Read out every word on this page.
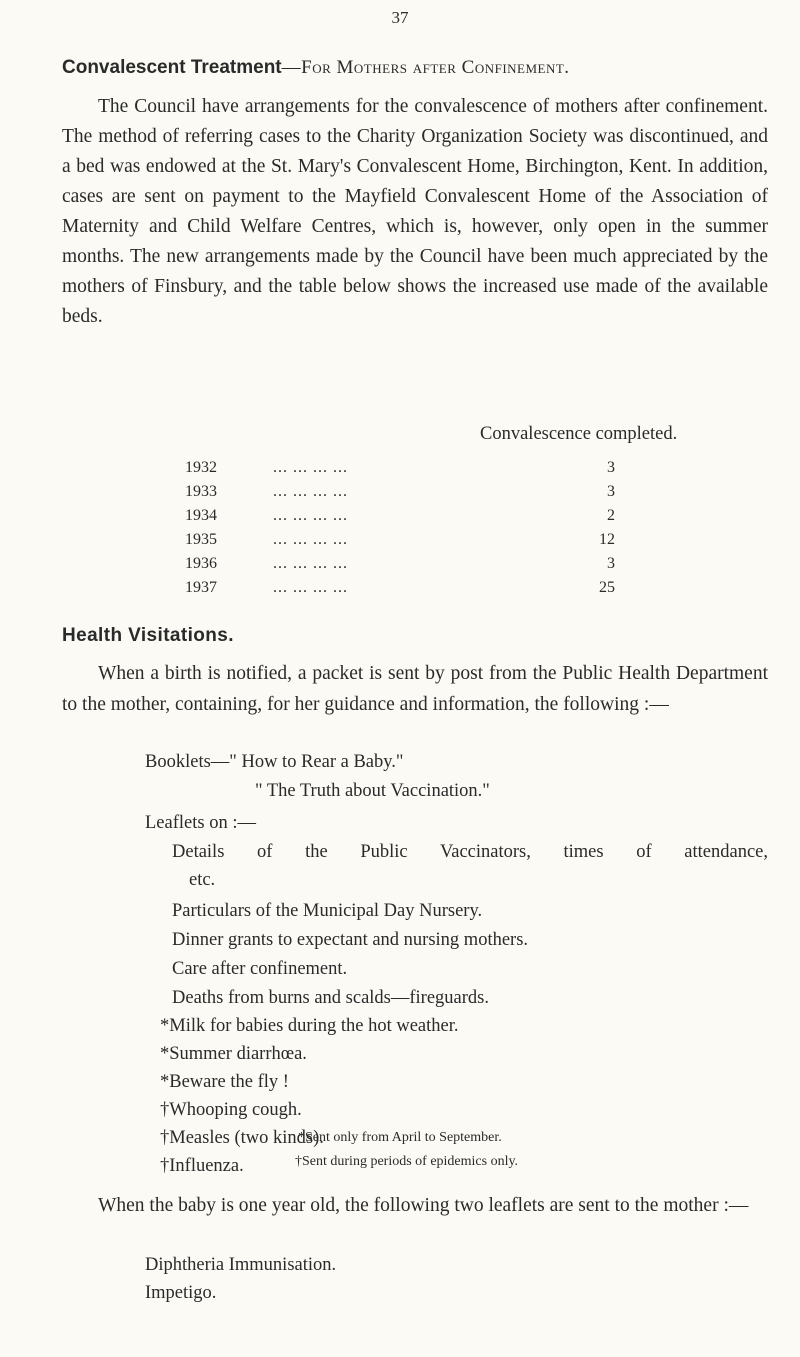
37
Convalescent Treatment—For Mothers after Confinement.
The Council have arrangements for the convalescence of mothers after confinement. The method of referring cases to the Charity Organization Society was discontinued, and a bed was endowed at the St. Mary's Convalescent Home, Birchington, Kent. In addition, cases are sent on payment to the Mayfield Convalescent Home of the Association of Maternity and Child Welfare Centres, which is, however, only open in the summer months. The new arrangements made by the Council have been much appreciated by the mothers of Finsbury, and the table below shows the increased use made of the available beds.
Convalescence completed.
1932	... ... ... ...	3
1933	... ... ... ...	3
1934	... ... ... ...	2
1935	... ... ... ...	12
1936	... ... ... ...	3
1937	... ... ... ...	25
Health Visitations.
When a birth is notified, a packet is sent by post from the Public Health Department to the mother, containing, for her guidance and information, the following :—
Booklets—" How to Rear a Baby."
" The Truth about Vaccination."
Leaflets on :—
Details of the Public Vaccinators, times of attendance,
etc.
Particulars of the Municipal Day Nursery.
Dinner grants to expectant and nursing mothers.
Care after confinement.
Deaths from burns and scalds—fireguards.
*Milk for babies during the hot weather.
*Summer diarrhœa.
*Beware the fly !
†Whooping cough.
†Measles (two kinds).
†Influenza.
*Sent only from April to September.
†Sent during periods of epidemics only.
When the baby is one year old, the following two leaflets are sent to the mother :—
Diphtheria Immunisation.
Impetigo.
